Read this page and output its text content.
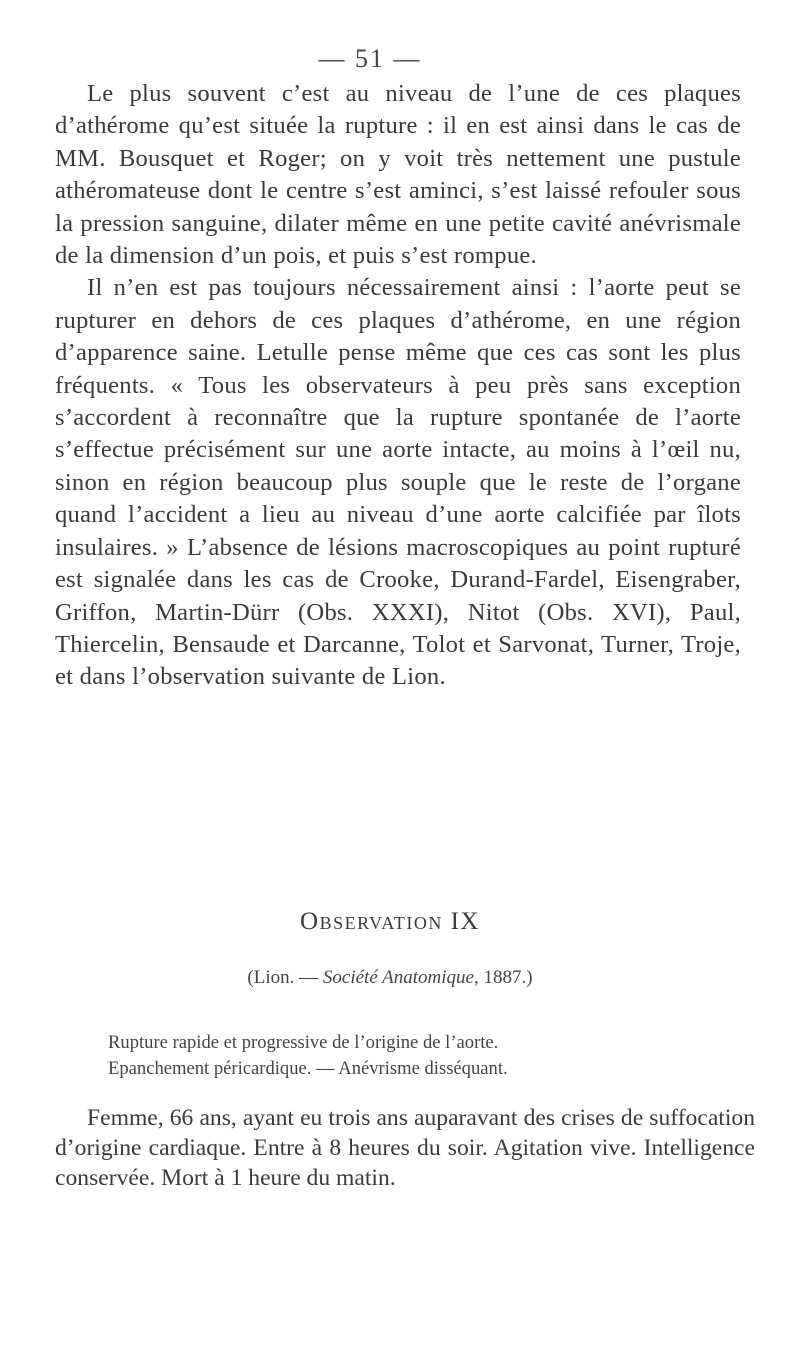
— 51 —

Le plus souvent c’est au niveau de l’une de ces plaques d’athérome qu’est située la rupture : il en est ainsi dans le cas de MM. Bousquet et Roger; on y voit très nettement une pustule athéromateuse dont le centre s’est aminci, s’est laissé refouler sous la pression sanguine, dilater même en une petite cavité anévrismale de la dimension d’un pois, et puis s’est rompue.

Il n’en est pas toujours nécessairement ainsi : l’aorte peut se rupturer en dehors de ces plaques d’athérome, en une région d’apparence saine. Letulle pense même que ces cas sont les plus fréquents. « Tous les observateurs à peu près sans exception s’accordent à reconnaître que la rupture spontanée de l’aorte s’effectue précisément sur une aorte intacte, au moins à l’œil nu, sinon en région beaucoup plus souple que le reste de l’organe quand l’accident a lieu au niveau d’une aorte calcifiée par îlots insulaires. » L’absence de lésions macroscopiques au point rupturé est signalée dans les cas de Crooke, Durand-Fardel, Eisengraber, Griffon, Martin-Dürr (Obs. XXXI), Nitot (Obs. XVI), Paul, Thiercelin, Bensaude et Darcanne, Tolot et Sarvonat, Turner, Troje, et dans l’observation suivante de Lion.

Observation IX
(Lion. — Société Anatomique, 1887.)

Rupture rapide et progressive de l’origine de l’aorte.

Epanchement péricardique. — Anévrisme disséquant.

Femme, 66 ans, ayant eu trois ans auparavant des crises de suffocation d’origine cardiaque. Entre à 8 heures du soir. Agitation vive. Intelligence conservée. Mort à 1 heure du matin.
